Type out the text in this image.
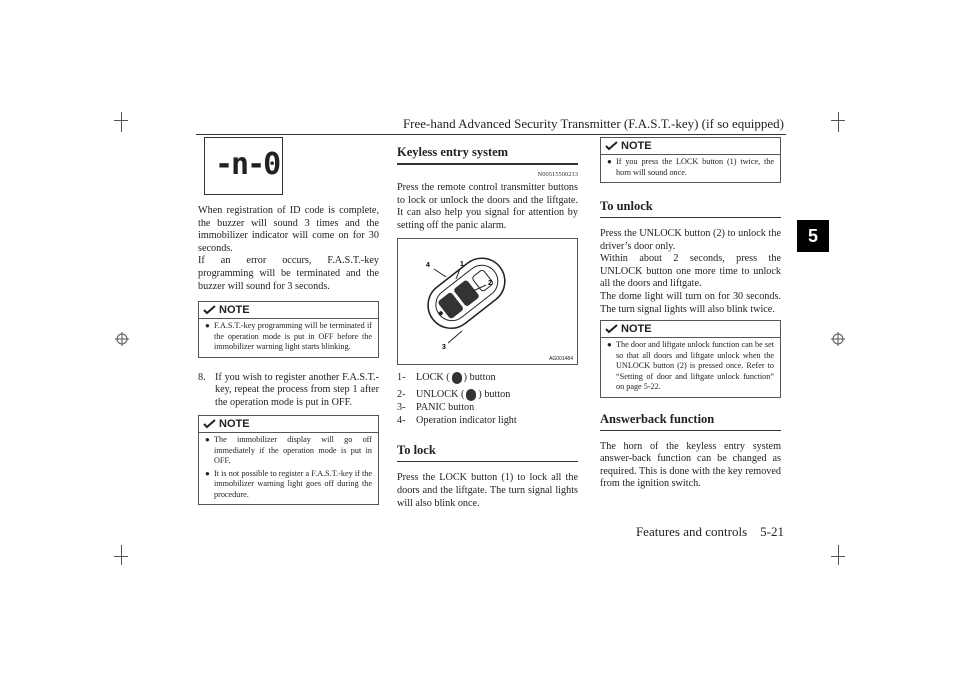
Free-hand Advanced Security Transmitter (F.A.S.T.-key) (if so equipped)
5
-n-0

When registration of ID code is complete, the buzzer will sound 3 times and the immobilizer indicator will come on for 30 seconds.

If an error occurs, F.A.S.T.-key programming will be terminated and the buzzer will sound for 3 seconds.

NOTE
● F.A.S.T.-key programming will be terminated if the operation mode is put in OFF before the immobilizer warning light starts blinking.
8. If you wish to register another F.A.S.T.-key, repeat the process from step 1 after the operation mode is put in OFF.
NOTE
● The immobilizer display will go off immediately if the operation mode is put in OFF.
● It is not possible to register a F.A.S.T.-key if the immobilizer warning light goes off during the procedure.
Keyless entry system
N00515500213

Press the remote control transmitter buttons to lock or unlock the doors and the liftgate. It can also help you signal for attention by setting off the panic alarm.

4	1
2
3
AG001484
1-	LOCK ( ) button
2-	UNLOCK ( ) button
3-	PANIC button
4-	Operation indicator light
To lock

Press the LOCK button (1) to lock all the doors and the liftgate. The turn signal lights will also blink once.

NOTE
● If you press the LOCK button (1) twice, the horn will sound once.
To unlock

Press the UNLOCK button (2) to unlock the driver’s door only.

Within about 2 seconds, press the UNLOCK button one more time to unlock all the doors and liftgate.

The dome light will turn on for 30 seconds. The turn signal lights will also blink twice.

NOTE
● The door and liftgate unlock function can be set so that all doors and liftgate unlock when the UNLOCK button (2) is pressed once. Refer to “Setting of door and liftgate unlock function” on page 5-22.
Answerback function

The horn of the keyless entry system answer-back function can be changed as required. This is done with the key removed from the ignition switch.

Features and controls 5-21
